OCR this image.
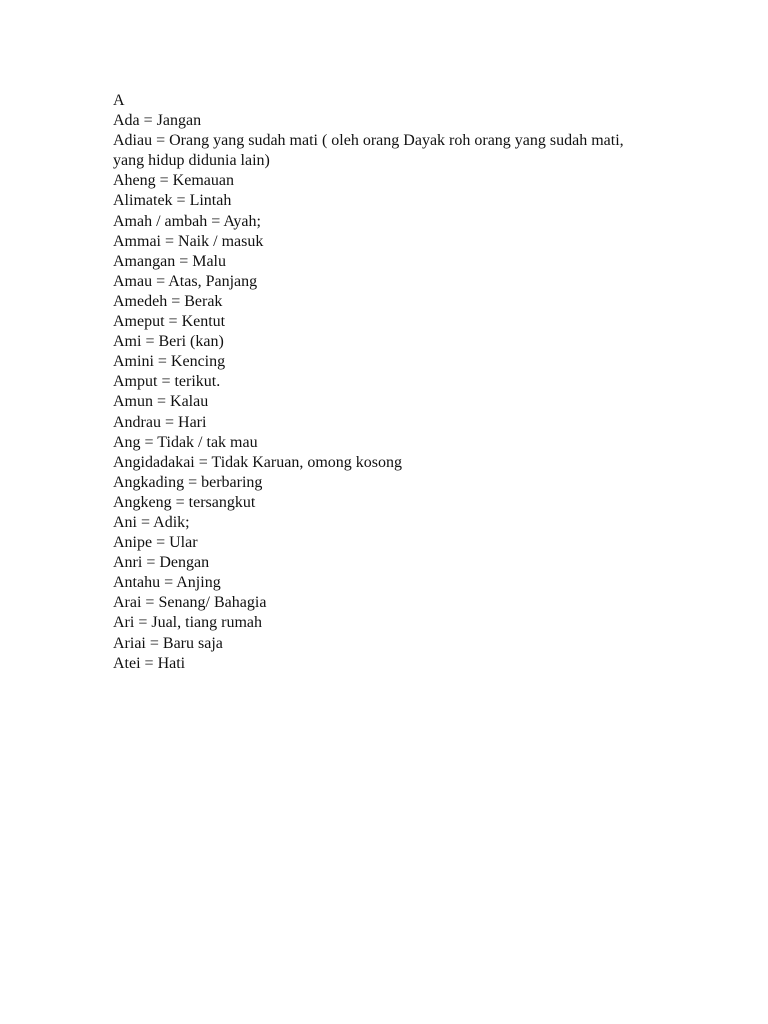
A
Ada = Jangan
Adiau = Orang yang sudah mati ( oleh orang Dayak roh orang yang sudah mati, yang hidup didunia lain)
Aheng = Kemauan
Alimatek = Lintah
Amah / ambah = Ayah;
Ammai = Naik / masuk
Amangan = Malu
Amau = Atas, Panjang
Amedeh = Berak
Ameput = Kentut
Ami = Beri (kan)
Amini = Kencing
Amput = terikut.
Amun = Kalau
Andrau = Hari
Ang = Tidak / tak mau
Angidadakai = Tidak Karuan, omong kosong
Angkading = berbaring
Angkeng = tersangkut
Ani = Adik;
Anipe = Ular
Anri = Dengan
Antahu = Anjing
Arai = Senang/ Bahagia
Ari = Jual, tiang rumah
Ariai = Baru saja
Atei = Hati
